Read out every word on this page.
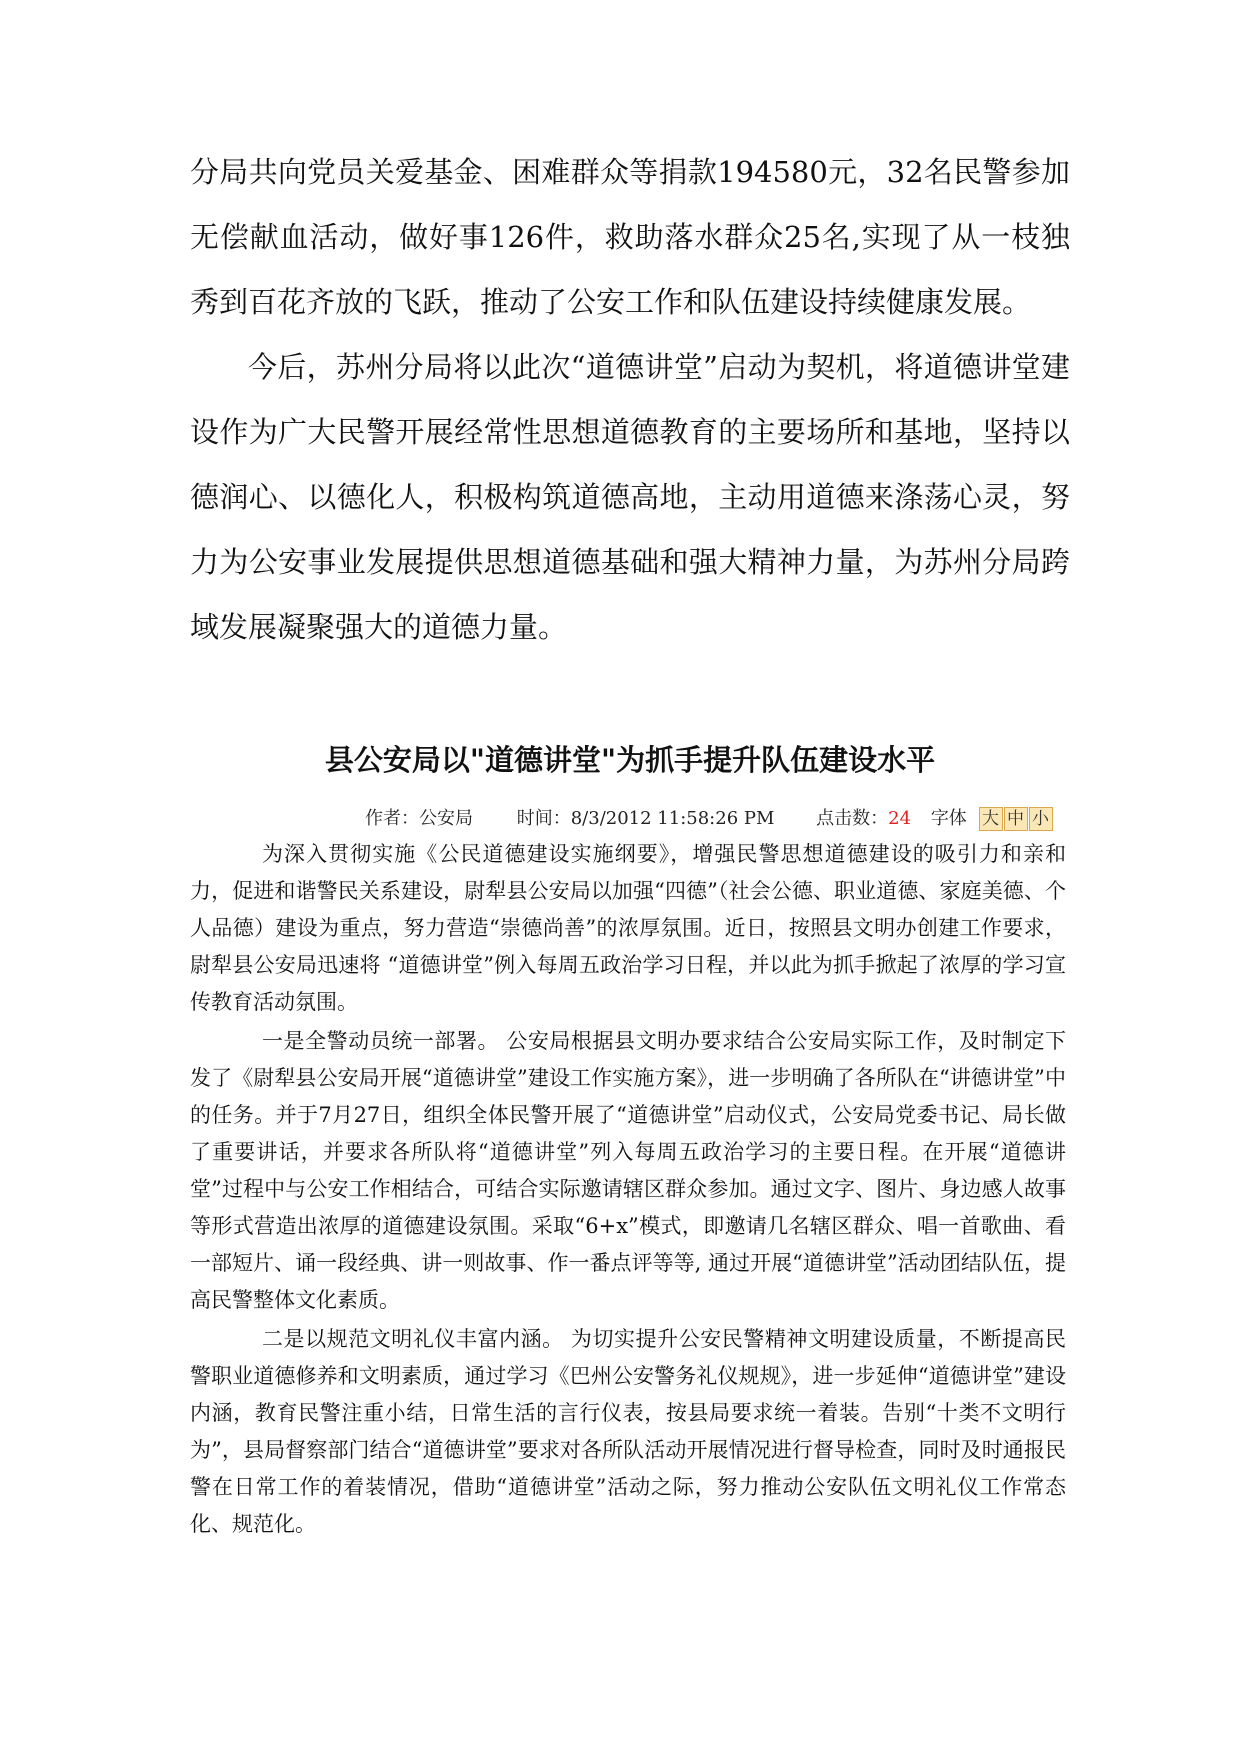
分局共向党员关爱基金、困难群众等捐款194580元，32名民警参加无偿献血活动，做好事126件，救助落水群众25名,实现了从一枝独秀到百花齐放的飞跃，推动了公安工作和队伍建设持续健康发展。

今后，苏州分局将以此次“道德讲堂”启动为契机，将道德讲堂建设作为广大民警开展经常性思想道德教育的主要场所和基地，坚持以德润心、以德化人，积极构筑道德高地，主动用道德来涤荡心灵，努力为公安事业发展提供思想道德基础和强大精神力量，为苏州分局跨域发展凝聚强大的道德力量。

县公安局以"道德讲堂"为抓手提升队伍建设水平
作者：公安局 时间：8/3/2012 11:58:26 PM 点击数：24 字体 大 中 小

为深入贯彻实施《公民道德建设实施纲要》，增强民警思想道德建设的吸引力和亲和力，促进和谐警民关系建设，尉犁县公安局以加强“四德”（社会公德、职业道德、家庭美德、个人品德）建设为重点，努力营造“崇德尚善”的浓厚氛围。近日，按照县文明办创建工作要求，尉犁县公安局迅速将 “道德讲堂”例入每周五政治学习日程，并以此为抓手掀起了浓厚的学习宣传教育活动氛围。

一是全警动员统一部署。 公安局根据县文明办要求结合公安局实际工作，及时制定下发了《尉犁县公安局开展“道德讲堂”建设工作实施方案》，进一步明确了各所队在“讲德讲堂”中的任务。并于7月27日，组织全体民警开展了“道德讲堂”启动仪式，公安局党委书记、局长做了重要讲话，并要求各所队将“道德讲堂”列入每周五政治学习的主要日程。在开展“道德讲堂”过程中与公安工作相结合，可结合实际邀请辖区群众参加。通过文字、图片、身边感人故事等形式营造出浓厚的道德建设氛围。采取“6+x”模式，即邀请几名辖区群众、唱一首歌曲、看一部短片、诵一段经典、讲一则故事、作一番点评等等, 通过开展“道德讲堂”活动团结队伍，提高民警整体文化素质。

二是以规范文明礼仪丰富内涵。 为切实提升公安民警精神文明建设质量，不断提高民警职业道德修养和文明素质，通过学习《巴州公安警务礼仪规规》，进一步延伸“道德讲堂”建设内涵，教育民警注重小结，日常生活的言行仪表，按县局要求统一着装。告别“十类不文明行为”，县局督察部门结合“道德讲堂”要求对各所队活动开展情况进行督导检查，同时及时通报民警在日常工作的着装情况，借助“道德讲堂”活动之际，努力推动公安队伍文明礼仪工作常态化、规范化。
